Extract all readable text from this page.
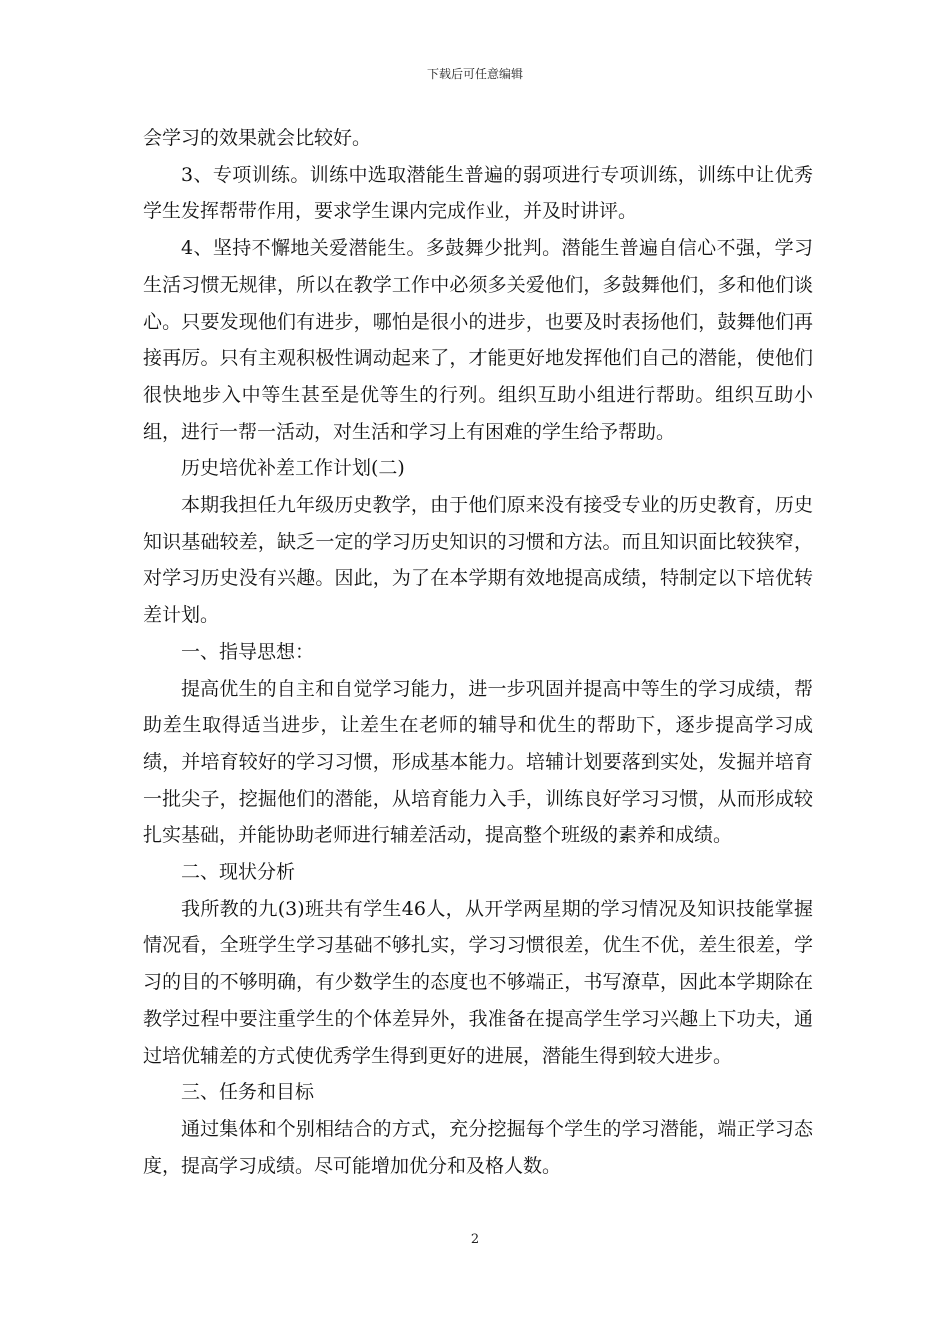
下载后可任意编辑

会学习的效果就会比较好。

3、专项训练。训练中选取潜能生普遍的弱项进行专项训练，训练中让优秀学生发挥帮带作用，要求学生课内完成作业，并及时讲评。

4、坚持不懈地关爱潜能生。多鼓舞少批判。潜能生普遍自信心不强，学习生活习惯无规律，所以在教学工作中必须多关爱他们，多鼓舞他们，多和他们谈心。只要发现他们有进步，哪怕是很小的进步，也要及时表扬他们，鼓舞他们再接再厉。只有主观积极性调动起来了，才能更好地发挥他们自己的潜能，使他们很快地步入中等生甚至是优等生的行列。组织互助小组进行帮助。组织互助小组，进行一帮一活动，对生活和学习上有困难的学生给予帮助。

历史培优补差工作计划(二)

本期我担任九年级历史教学，由于他们原来没有接受专业的历史教育，历史知识基础较差，缺乏一定的学习历史知识的习惯和方法。而且知识面比较狭窄，对学习历史没有兴趣。因此，为了在本学期有效地提高成绩，特制定以下培优转差计划。

一、指导思想：

提高优生的自主和自觉学习能力，进一步巩固并提高中等生的学习成绩，帮助差生取得适当进步，让差生在老师的辅导和优生的帮助下，逐步提高学习成绩，并培育较好的学习习惯，形成基本能力。培辅计划要落到实处，发掘并培育一批尖子，挖掘他们的潜能，从培育能力入手，训练良好学习习惯，从而形成较扎实基础，并能协助老师进行辅差活动，提高整个班级的素养和成绩。

二、现状分析

我所教的九(3)班共有学生46人，从开学两星期的学习情况及知识技能掌握情况看，全班学生学习基础不够扎实，学习习惯很差，优生不优，差生很差，学习的目的不够明确，有少数学生的态度也不够端正，书写潦草，因此本学期除在教学过程中要注重学生的个体差异外，我准备在提高学生学习兴趣上下功夫，通过培优辅差的方式使优秀学生得到更好的进展，潜能生得到较大进步。

三、任务和目标

通过集体和个别相结合的方式，充分挖掘每个学生的学习潜能，端正学习态度，提高学习成绩。尽可能增加优分和及格人数。

2
